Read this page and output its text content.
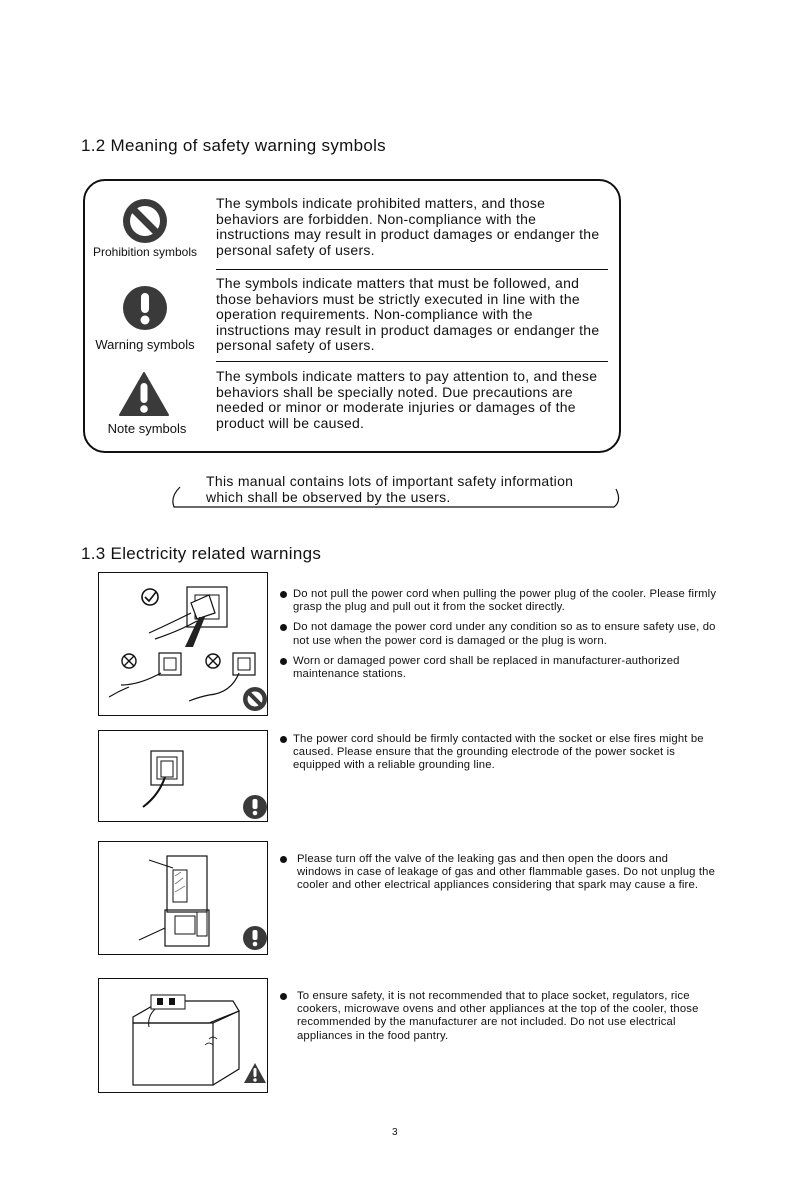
1.2 Meaning of safety warning symbols
Prohibition symbols
The symbols indicate prohibited matters, and those behaviors are forbidden. Non-compliance with the instructions may result in product damages or endanger the personal safety of users.
Warning symbols
The symbols indicate matters that must be followed, and those behaviors must be strictly executed in line with the operation requirements. Non-compliance with the instructions may result in product damages or endanger the personal safety of users.
Note symbols
The symbols indicate matters to pay attention to, and these behaviors shall be specially noted. Due precautions are needed or minor or moderate injuries or damages of the product will be caused.
This manual contains lots of important safety information which shall be observed by the users.
1.3 Electricity related warnings
Do not pull the power cord when pulling the power plug of the cooler. Please firmly grasp the plug and pull out it from the socket directly.
Do not damage the power cord under any condition so as to ensure safety use, do not use when the power cord is damaged or the plug is worn.
Worn or damaged power cord shall be replaced in manufacturer-authorized maintenance stations.
The power cord should be firmly contacted with the socket or else fires might be caused. Please ensure that the grounding electrode of the power socket is equipped with a reliable grounding line.
Please turn off the valve of the leaking gas and then open the doors and windows in case of leakage of gas and other flammable gases. Do not unplug the cooler and other electrical appliances considering that spark may cause a fire.
To ensure safety, it is not recommended that to place socket, regulators, rice cookers, microwave ovens and other appliances at the top of the cooler, those recommended by the manufacturer are not included. Do not use electrical appliances in the food pantry.
3
